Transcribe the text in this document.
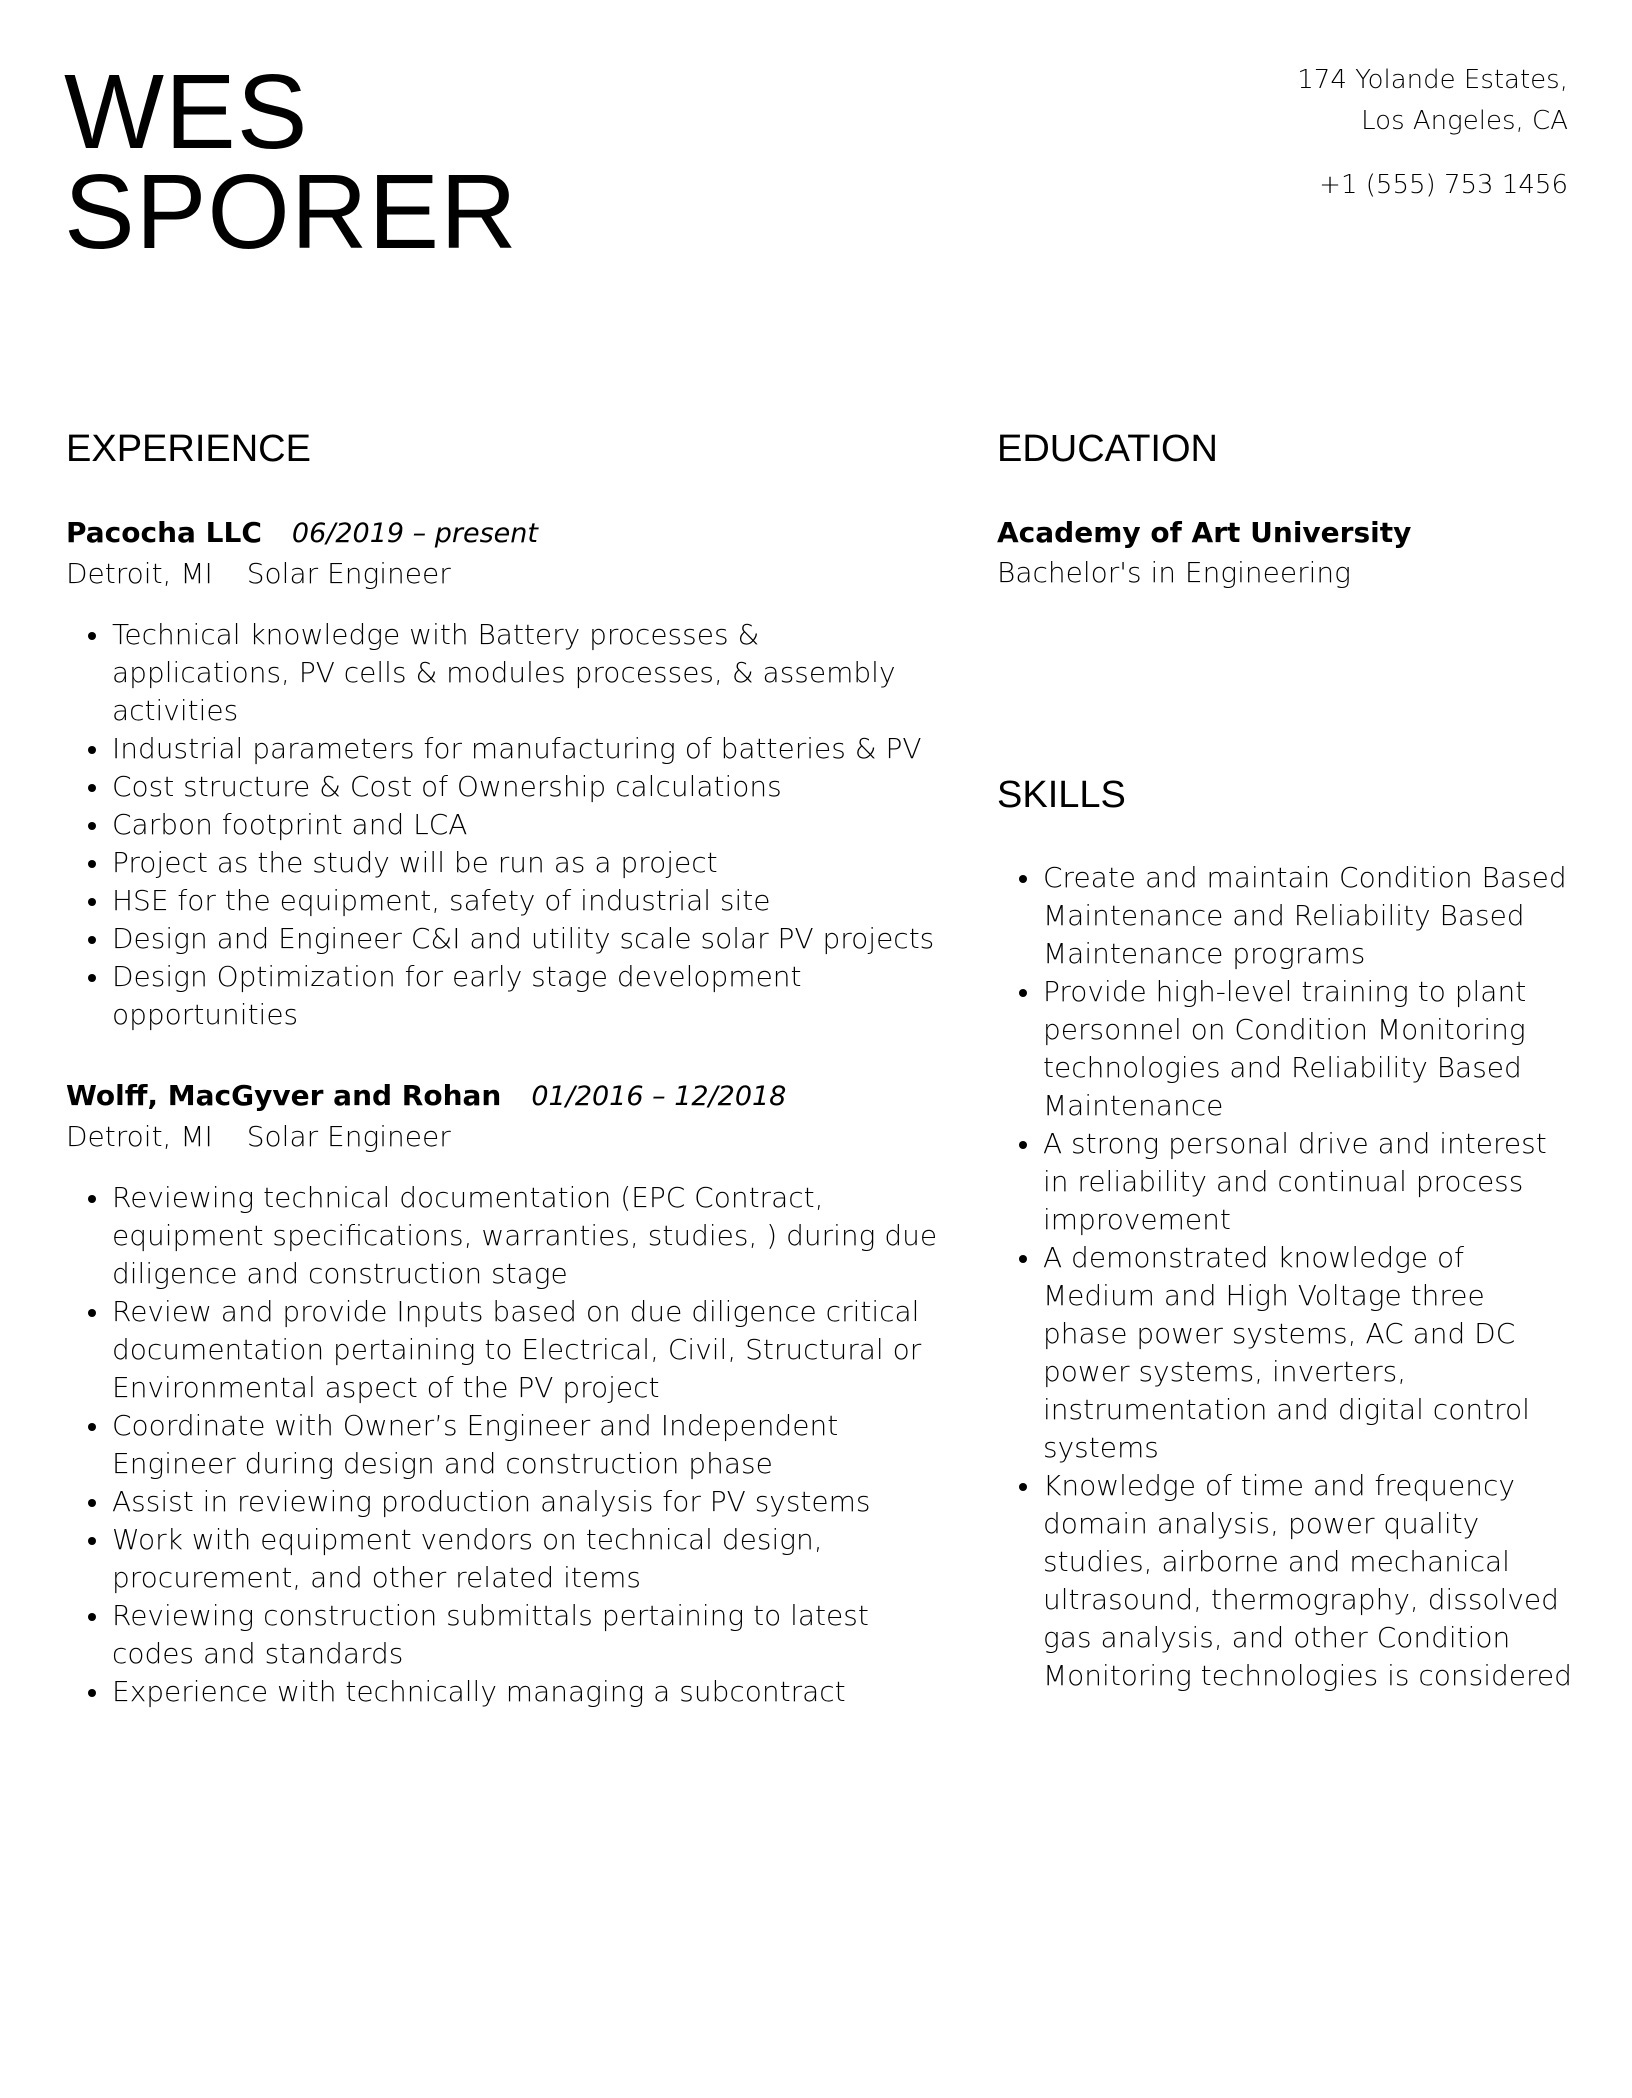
WES
SPORER
174 Yolande Estates,
Los Angeles, CA
+1 (555) 753 1456
EXPERIENCE
Pacocha LLC 06/2019 – present
Detroit, MI Solar Engineer
Technical knowledge with Battery processes & applications, PV cells & modules processes, & assembly activities
Industrial parameters for manufacturing of batteries & PV
Cost structure & Cost of Ownership calculations
Carbon footprint and LCA
Project as the study will be run as a project
HSE for the equipment, safety of industrial site
Design and Engineer C&I and utility scale solar PV projects
Design Optimization for early stage development opportunities
Wolff, MacGyver and Rohan 01/2016 – 12/2018
Detroit, MI Solar Engineer
Reviewing technical documentation (EPC Contract, equipment specifications, warranties, studies, ) during due diligence and construction stage
Review and provide Inputs based on due diligence critical documentation pertaining to Electrical, Civil, Structural or Environmental aspect of the PV project
Coordinate with Owner’s Engineer and Independent Engineer during design and construction phase
Assist in reviewing production analysis for PV systems
Work with equipment vendors on technical design, procurement, and other related items
Reviewing construction submittals pertaining to latest codes and standards
Experience with technically managing a subcontract
EDUCATION
Academy of Art University
Bachelor's in Engineering
SKILLS
Create and maintain Condition Based Maintenance and Reliability Based Maintenance programs
Provide high-level training to plant personnel on Condition Monitoring technologies and Reliability Based Maintenance
A strong personal drive and interest in reliability and continual process improvement
A demonstrated knowledge of Medium and High Voltage three phase power systems, AC and DC power systems, inverters, instrumentation and digital control systems
Knowledge of time and frequency domain analysis, power quality studies, airborne and mechanical ultrasound, thermography, dissolved gas analysis, and other Condition Monitoring technologies is considered
